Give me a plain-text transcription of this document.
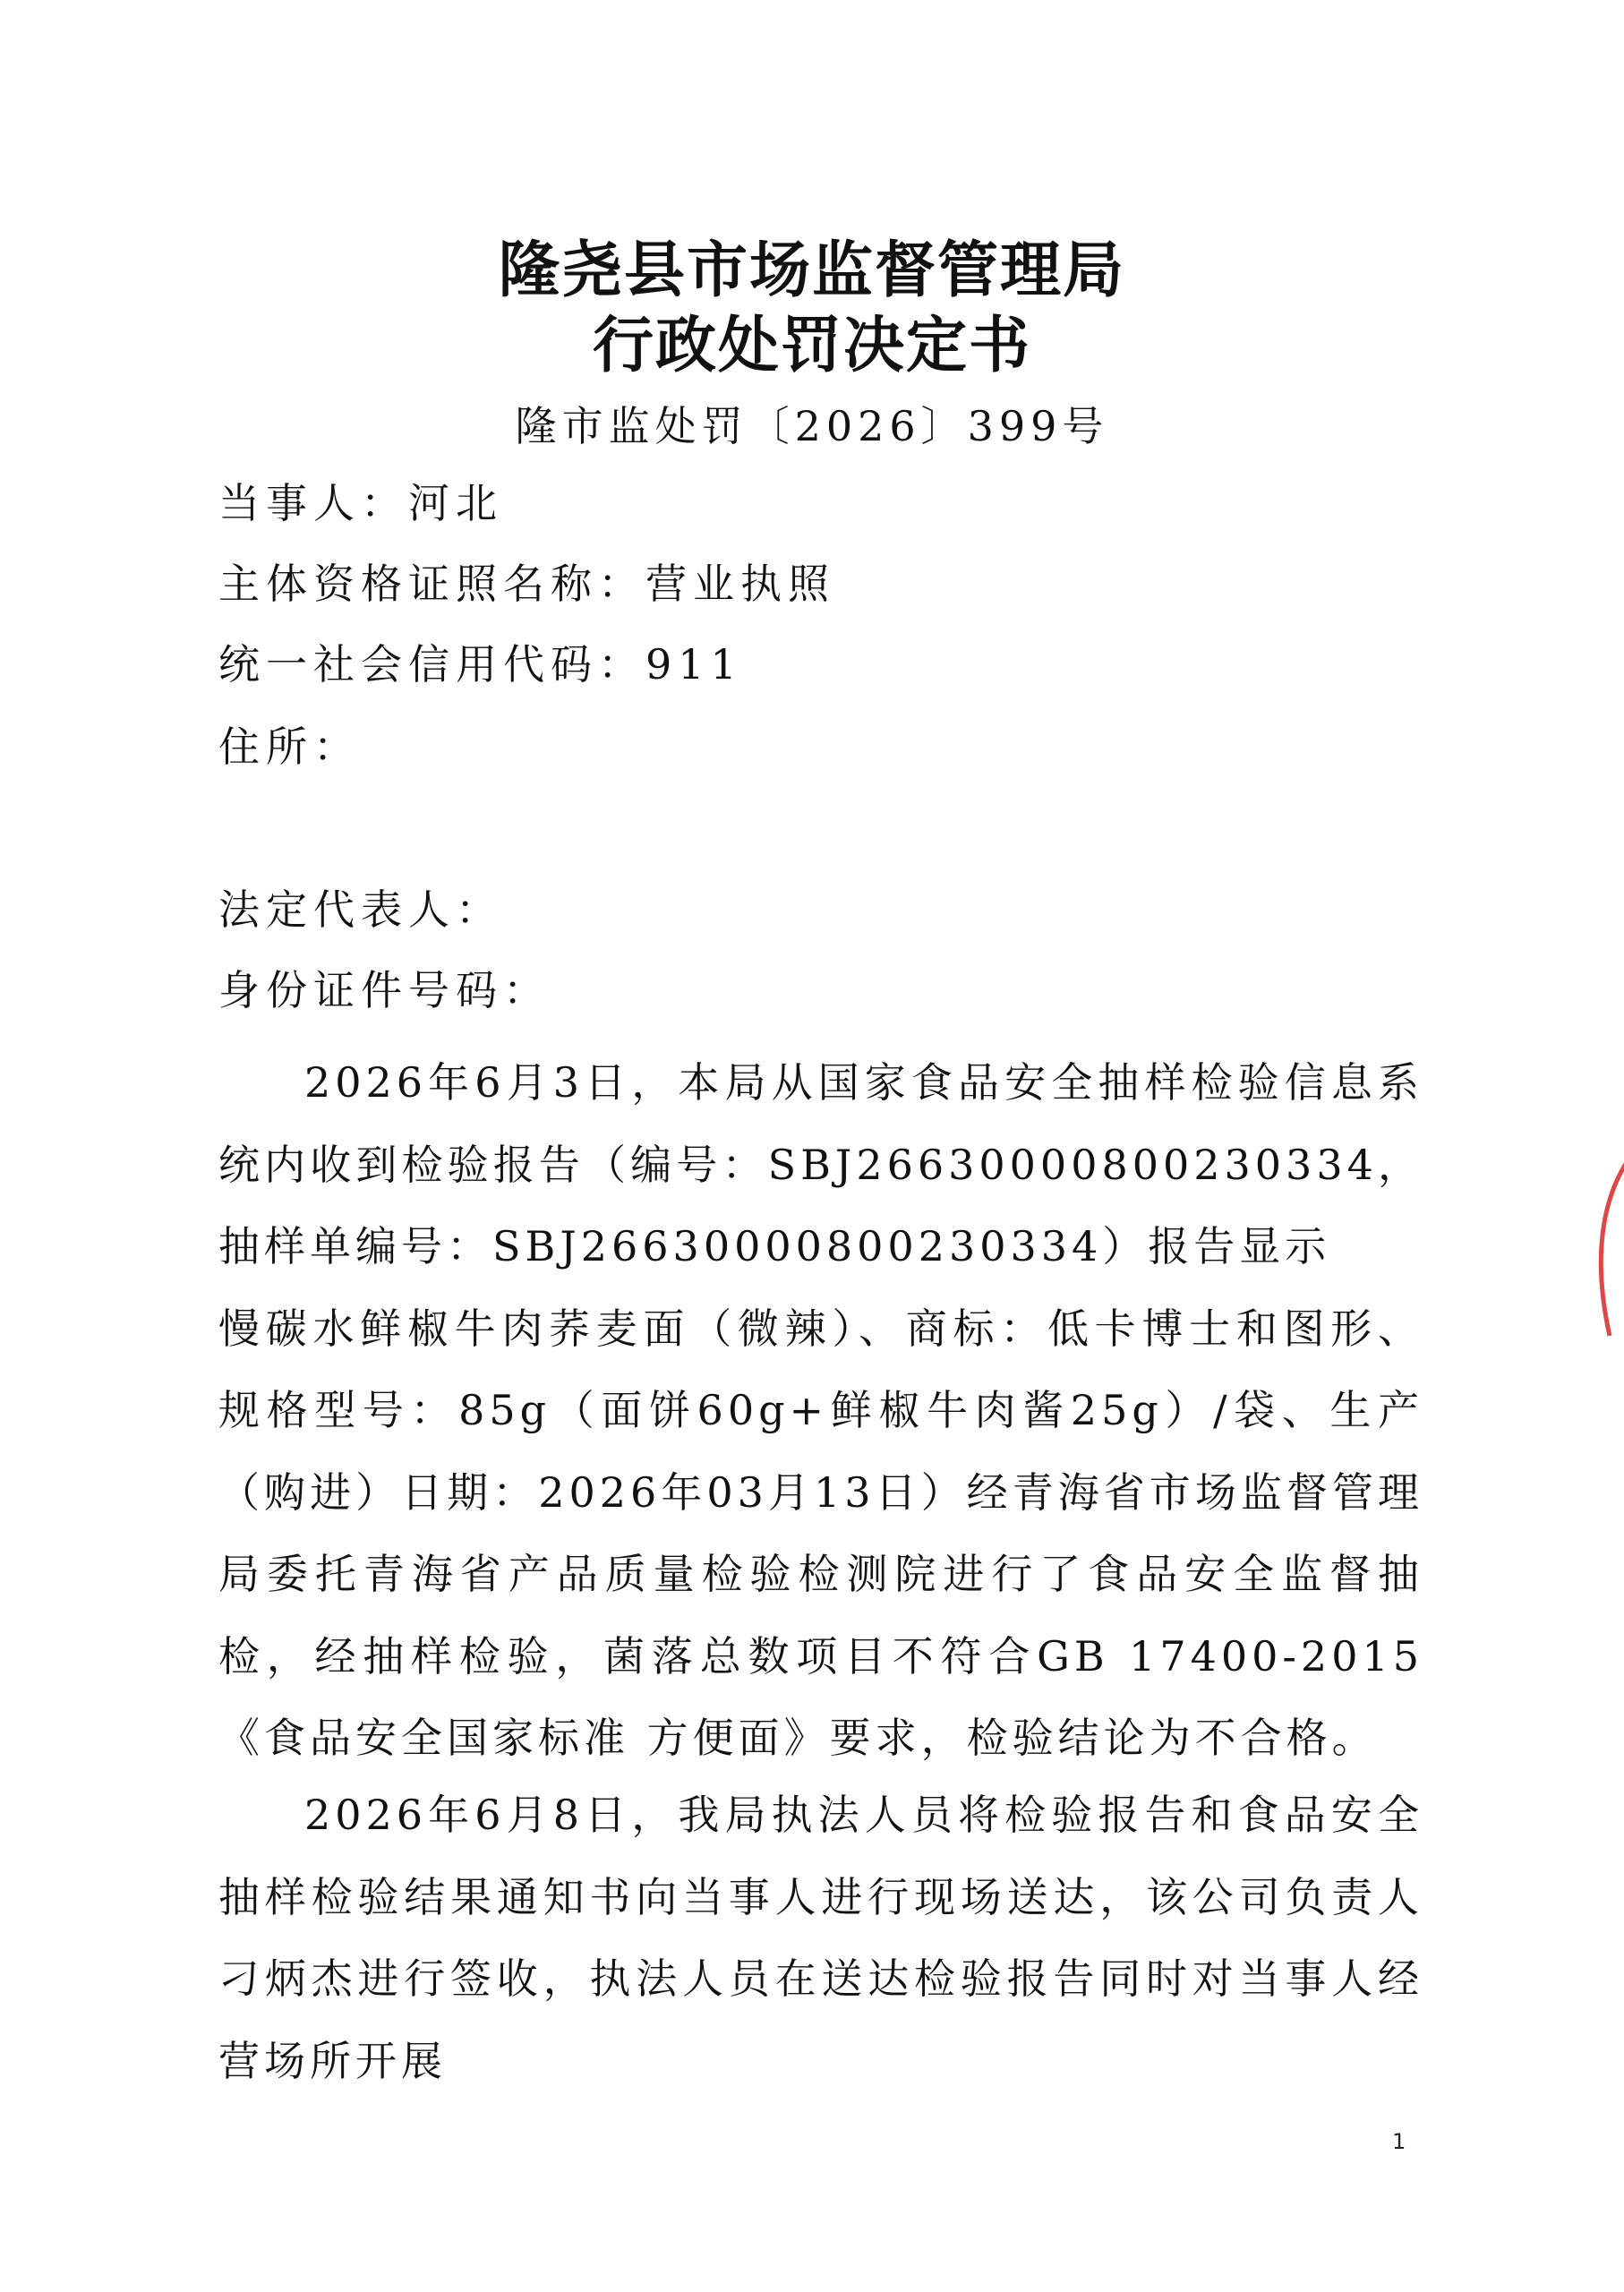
隆尧县市场监督管理局
行政处罚决定书
隆市监处罚〔2026〕399号
当事人：河北
主体资格证照名称：营业执照
统一社会信用代码：911
住所：
法定代表人：
身份证件号码：

2026年6月3日，本局从国家食品安全抽样检验信息系统内收到检验报告（编号：SBJ26630000800230334，抽样单编号：SBJ26630000800230334）报告显示

慢碳水鲜椒牛肉荞麦面（微辣）、商标：低卡博士和图形、规格型号：85g（面饼60g+鲜椒牛肉酱25g）/袋、生产（购进）日期：2026年03月13日）经青海省市场监督管理局委托青海省产品质量检验检测院进行了食品安全监督抽检，经抽样检验，菌落总数项目不符合GB 17400-2015《食品安全国家标准 方便面》要求，检验结论为不合格。

2026年6月8日，我局执法人员将检验报告和食品安全抽样检验结果通知书向当事人进行现场送达，该公司负责人刁炳杰进行签收，执法人员在送达检验报告同时对当事人经营场所开展

1
